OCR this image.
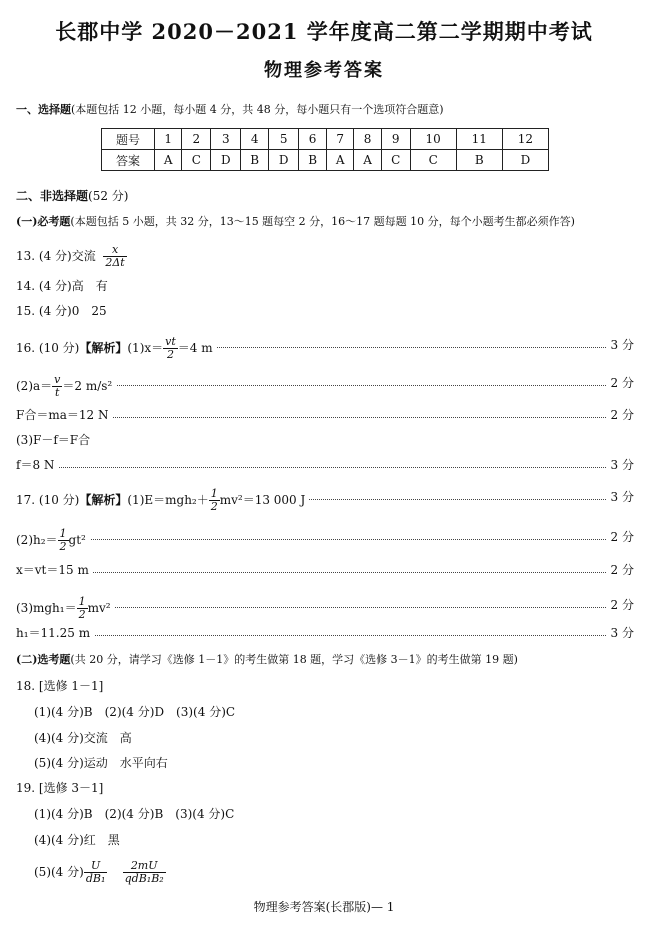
长郡中学 2020－2021 学年度高二第二学期期中考试
物理参考答案
一、选择题(本题包括 12 小题，每小题 4 分，共 48 分，每小题只有一个选项符合题意)
题号	1	2	3	4	5	6	7	8	9	10	11	12
答案	A	C	D	B	D	B	A	A	C	C	B	D
二、非选择题(52 分)
(一)必考题(本题包括 5 小题，共 32 分，13～15 题每空 2 分，16～17 题每题 10 分，每个小题考生都必须作答)
13. (4 分)交流 $\frac{x}{2\Delta t}$
14. (4 分)高　有
15. (4 分)0　25
16. (10 分)【解析】$(1)x= \frac{vt}{2} =4$ m	3 分
$(2)a= \frac{v}{t} =2$ m/s²	2 分
F合＝ma＝12 N	2 分
(3)F－f＝F合
f＝8 N	3 分
17. (10 分)【解析】$(1)E=mgh_2+ \frac{1}{2} mv^2=13$ 000 J	3 分
$(2)h_2= \frac{1}{2} gt^2$	2 分
x＝vt＝15 m	2 分
$(3)mgh_1= \frac{1}{2} mv^2$	2 分
h₁＝11.25 m	3 分
(二)选考题(共 20 分，请学习《选修 1－1》的考生做第 18 题，学习《选修 3－1》的考生做第 19 题)
18. [选修 1－1]
(1)(4 分)B　(2)(4 分)D　(3)(4 分)C
(4)(4 分)交流　高
(5)(4 分)运动　水平向右
19. [选修 3－1]
(1)(4 分)B　(2)(4 分)B　(3)(4 分)C
(4)(4 分)红　黑
(5)(4 分) $\frac{U}{\text{dB₁}}$
$\frac{2mU}{\text{qdB₁B₂}}$
物理参考答案(长郡版)— 1
